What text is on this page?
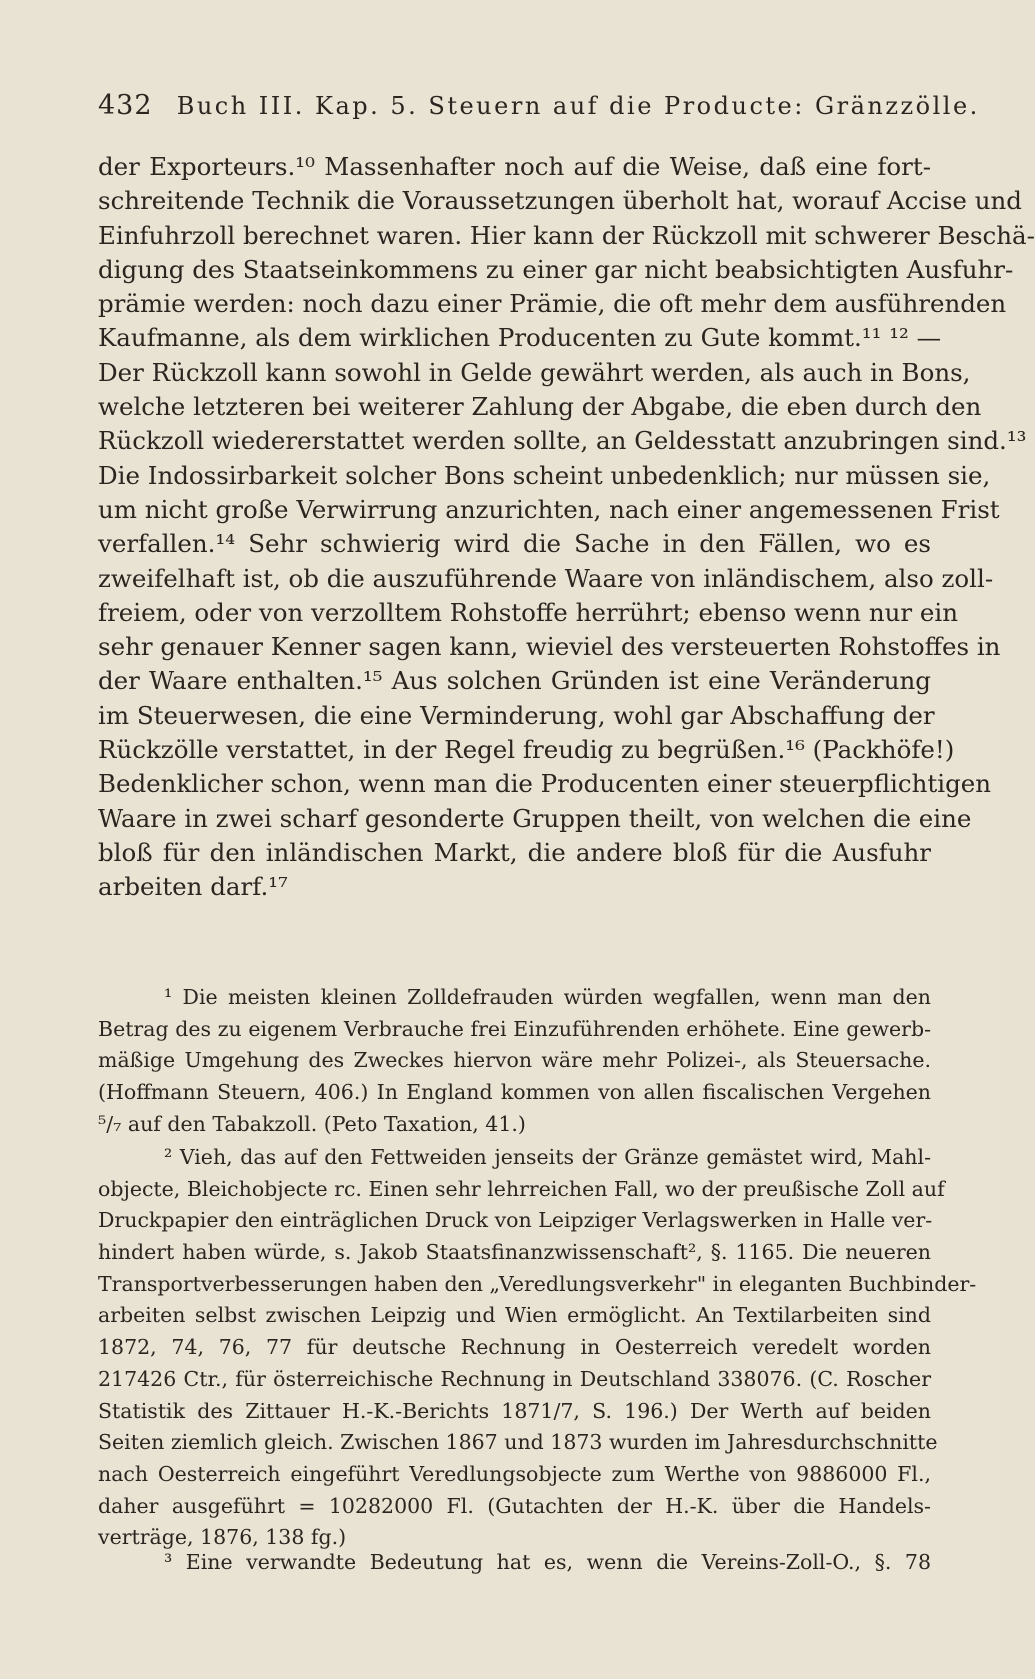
432 Buch III. Kap. 5. Steuern auf die Producte: Gränzzölle.
der Exporteurs.¹⁰ Massenhafter noch auf die Weise, daß eine fort-
schreitende Technik die Voraussetzungen überholt hat, worauf Accise und
Einfuhrzoll berechnet waren. Hier kann der Rückzoll mit schwerer Beschä-
digung des Staatseinkommens zu einer gar nicht beabsichtigten Ausfuhr-
prämie werden: noch dazu einer Prämie, die oft mehr dem ausführenden
Kaufmanne, als dem wirklichen Producenten zu Gute kommt.¹¹ ¹² —
Der Rückzoll kann sowohl in Gelde gewährt werden, als auch in Bons,
welche letzteren bei weiterer Zahlung der Abgabe, die eben durch den
Rückzoll wiedererstattet werden sollte, an Geldesstatt anzubringen sind.¹³
Die Indossirbarkeit solcher Bons scheint unbedenklich; nur müssen sie,
um nicht große Verwirrung anzurichten, nach einer angemessenen Frist
verfallen.¹⁴ Sehr schwierig wird die Sache in den Fällen, wo es
zweifelhaft ist, ob die auszuführende Waare von inländischem, also zoll-
freiem, oder von verzolltem Rohstoffe herrührt; ebenso wenn nur ein
sehr genauer Kenner sagen kann, wieviel des versteuerten Rohstoffes in
der Waare enthalten.¹⁵ Aus solchen Gründen ist eine Veränderung
im Steuerwesen, die eine Verminderung, wohl gar Abschaffung der
Rückzölle verstattet, in der Regel freudig zu begrüßen.¹⁶ (Packhöfe!)
Bedenklicher schon, wenn man die Producenten einer steuerpflichtigen
Waare in zwei scharf gesonderte Gruppen theilt, von welchen die eine
bloß für den inländischen Markt, die andere bloß für die Ausfuhr
arbeiten darf.¹⁷
¹ Die meisten kleinen Zolldefrauden würden wegfallen, wenn man den
Betrag des zu eigenem Verbrauche frei Einzuführenden erhöhete. Eine gewerb-
mäßige Umgehung des Zweckes hiervon wäre mehr Polizei-, als Steuersache.
(Hoffmann Steuern, 406.) In England kommen von allen fiscalischen Vergehen
⁵/₇ auf den Tabakzoll. (Peto Taxation, 41.)
² Vieh, das auf den Fettweiden jenseits der Gränze gemästet wird, Mahl-
objecte, Bleichobjecte rc. Einen sehr lehrreichen Fall, wo der preußische Zoll auf
Druckpapier den einträglichen Druck von Leipziger Verlagswerken in Halle ver-
hindert haben würde, s. Jakob Staatsfinanzwissenschaft², §. 1165. Die neueren
Transportverbesserungen haben den „Veredlungsverkehr" in eleganten Buchbinder-
arbeiten selbst zwischen Leipzig und Wien ermöglicht. An Textilarbeiten sind
1872, 74, 76, 77 für deutsche Rechnung in Oesterreich veredelt worden
217426 Ctr., für österreichische Rechnung in Deutschland 338076. (C. Roscher
Statistik des Zittauer H.-K.-Berichts 1871/7, S. 196.) Der Werth auf beiden
Seiten ziemlich gleich. Zwischen 1867 und 1873 wurden im Jahresdurchschnitte
nach Oesterreich eingeführt Veredlungsobjecte zum Werthe von 9886000 Fl.,
daher ausgeführt = 10282000 Fl. (Gutachten der H.-K. über die Handels-
verträge, 1876, 138 fg.)
³ Eine verwandte Bedeutung hat es, wenn die Vereins-Zoll-O., §. 78
